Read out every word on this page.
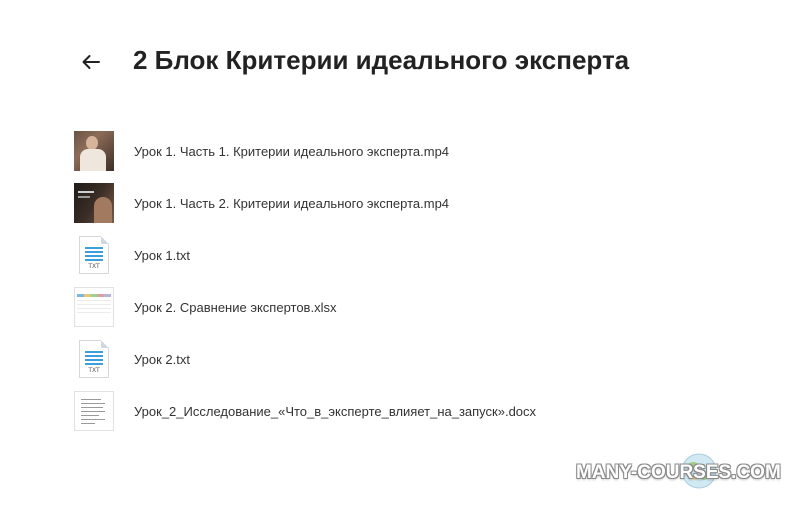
2 Блок Критерии идеального эксперта
Урок 1. Часть 1. Критерии идеального эксперта.mp4
Урок 1. Часть 2. Критерии идеального эксперта.mp4
TXT
Урок 1.txt
Урок 2. Сравнение экспертов.xlsx
TXT
Урок 2.txt
Урок_2_Исследование_«Что_в_эксперте_влияет_на_запуск».docx
MANY-COURSES.COM
